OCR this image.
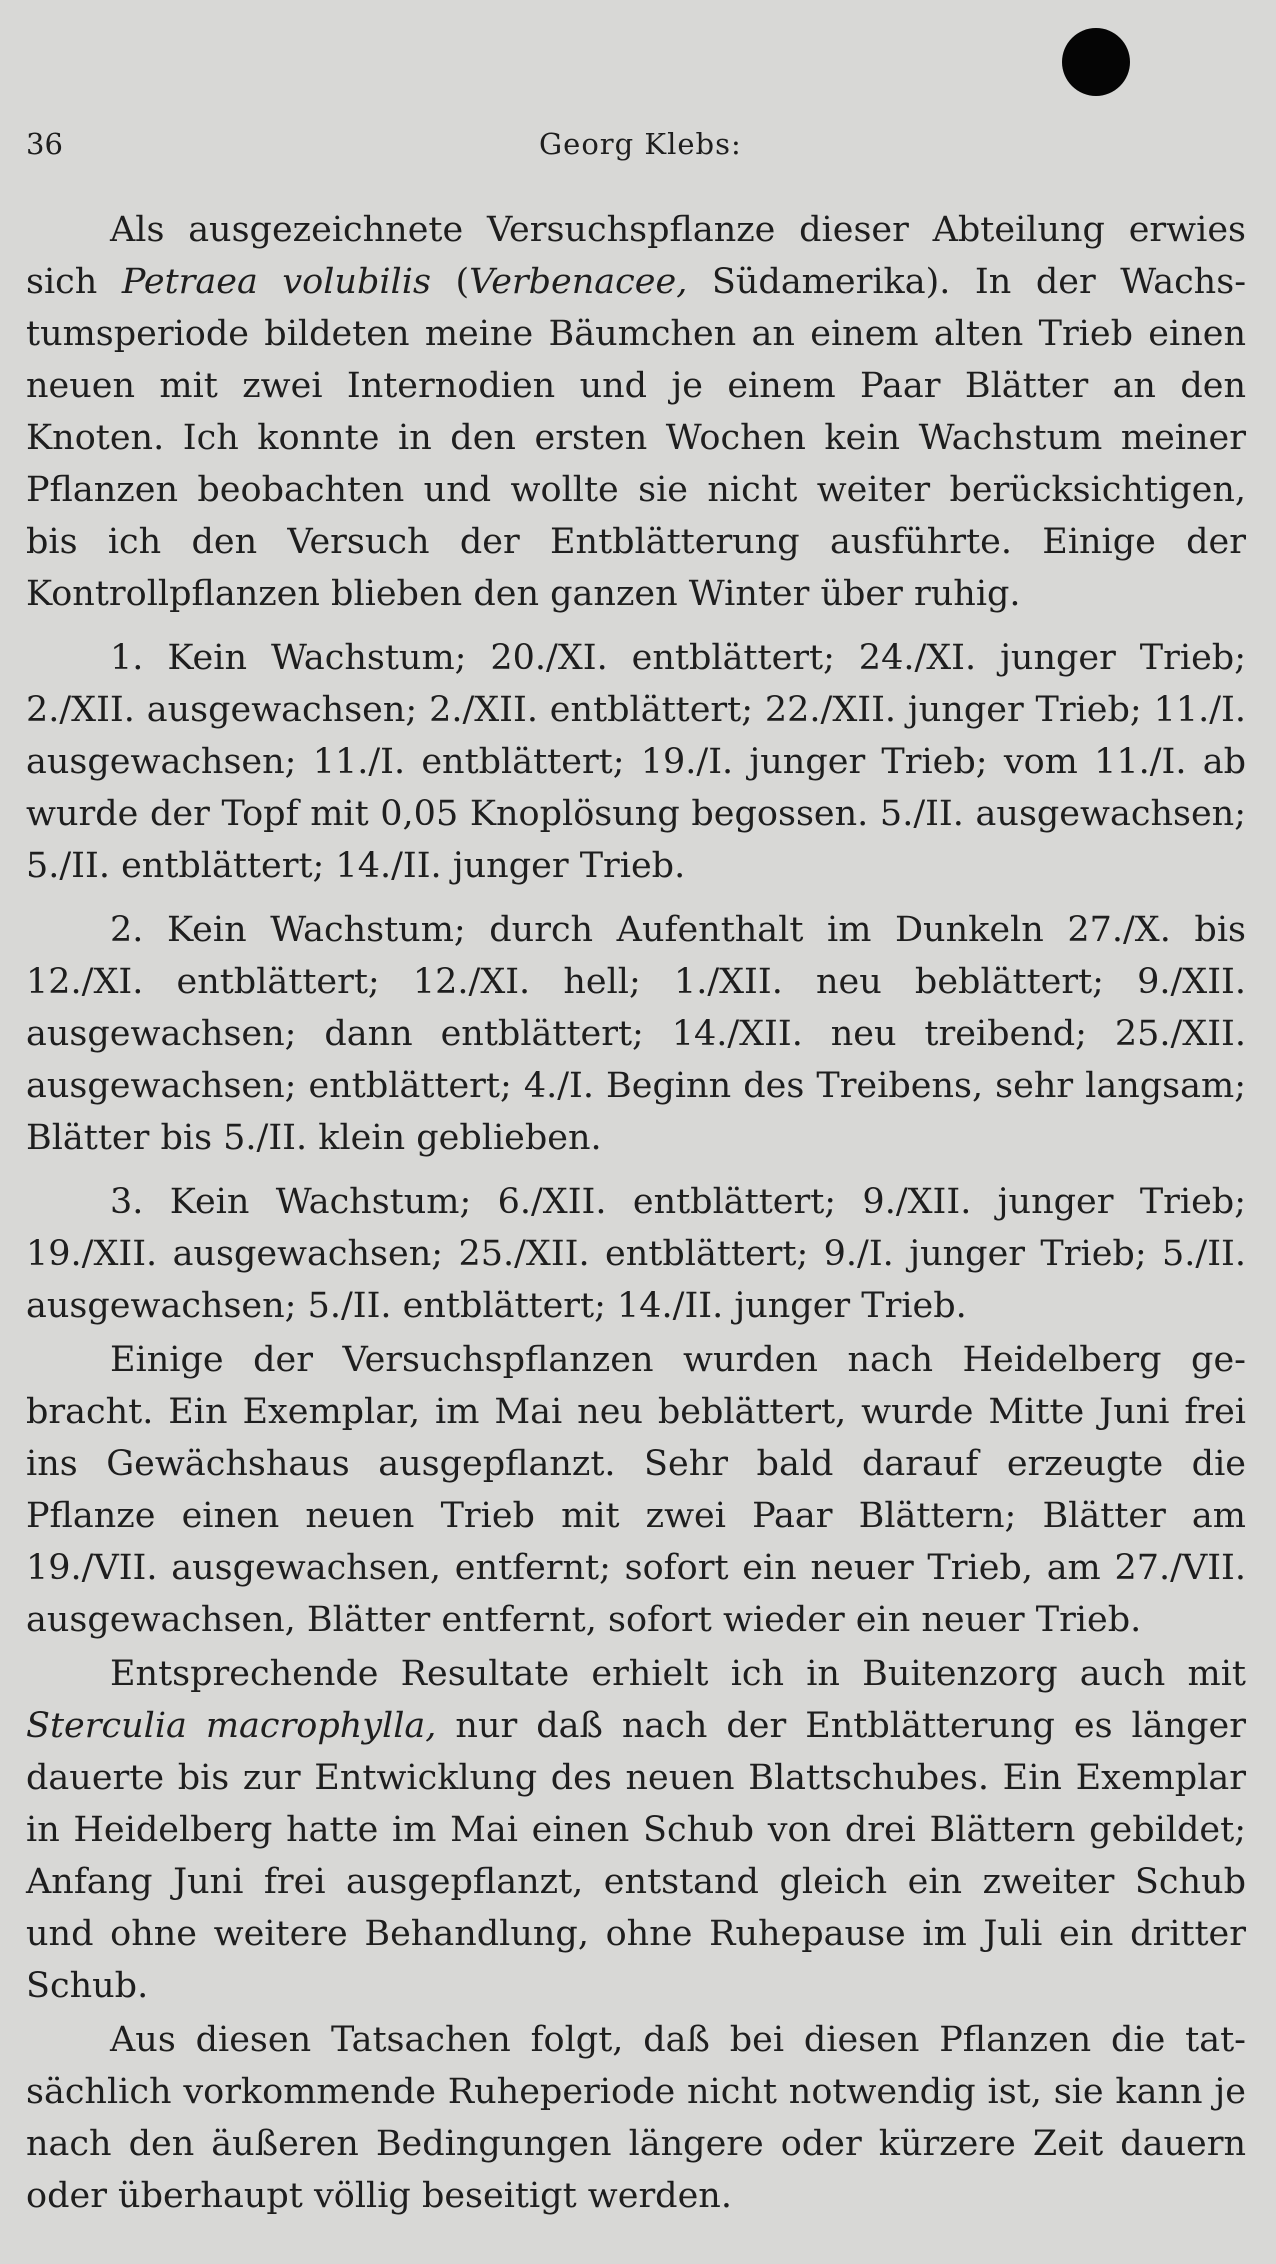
36	Georg Klebs:

Als ausgezeichnete Versuchspflanze dieser Abteilung erwies sich Petraea volubilis (Verbenacee, Südamerika). In der Wachstumsperiode bildeten meine Bäumchen an einem alten Trieb einen neuen mit zwei Internodien und je einem Paar Blätter an den Knoten. Ich konnte in den ersten Wochen kein Wachstum meiner Pflanzen beobachten und wollte sie nicht weiter berücksichtigen, bis ich den Versuch der Entblätterung ausführte. Einige der Kontrollpflanzen blieben den ganzen Winter über ruhig.

1. Kein Wachstum; 20./XI. entblättert; 24./XI. junger Trieb; 2./XII. ausgewachsen; 2./XII. entblättert; 22./XII. junger Trieb; 11./I. ausgewachsen; 11./I. entblättert; 19./I. junger Trieb; vom 11./I. ab wurde der Topf mit 0,05 Knoplösung begossen. 5./II. ausgewachsen; 5./II. entblättert; 14./II. junger Trieb.

2. Kein Wachstum; durch Aufenthalt im Dunkeln 27./X. bis 12./XI. entblättert; 12./XI. hell; 1./XII. neu beblättert; 9./XII. ausgewachsen; dann entblättert; 14./XII. neu treibend; 25./XII. ausgewachsen; entblättert; 4./I. Beginn des Treibens, sehr langsam; Blätter bis 5./II. klein geblieben.

3. Kein Wachstum; 6./XII. entblättert; 9./XII. junger Trieb; 19./XII. ausgewachsen; 25./XII. entblättert; 9./I. junger Trieb; 5./II. ausgewachsen; 5./II. entblättert; 14./II. junger Trieb.

Einige der Versuchspflanzen wurden nach Heidelberg gebracht. Ein Exemplar, im Mai neu beblättert, wurde Mitte Juni frei ins Gewächshaus ausgepflanzt. Sehr bald darauf erzeugte die Pflanze einen neuen Trieb mit zwei Paar Blättern; Blätter am 19./VII. ausgewachsen, entfernt; sofort ein neuer Trieb, am 27./VII. ausgewachsen, Blätter entfernt, sofort wieder ein neuer Trieb.

Entsprechende Resultate erhielt ich in Buitenzorg auch mit Sterculia macrophylla, nur daß nach der Entblätterung es länger dauerte bis zur Entwicklung des neuen Blattschubes. Ein Exemplar in Heidelberg hatte im Mai einen Schub von drei Blättern gebildet; Anfang Juni frei ausgepflanzt, entstand gleich ein zweiter Schub und ohne weitere Behandlung, ohne Ruhepause im Juli ein dritter Schub.

Aus diesen Tatsachen folgt, daß bei diesen Pflanzen die tatsächlich vorkommende Ruheperiode nicht notwendig ist, sie kann je nach den äußeren Bedingungen längere oder kürzere Zeit dauern oder überhaupt völlig beseitigt werden.
